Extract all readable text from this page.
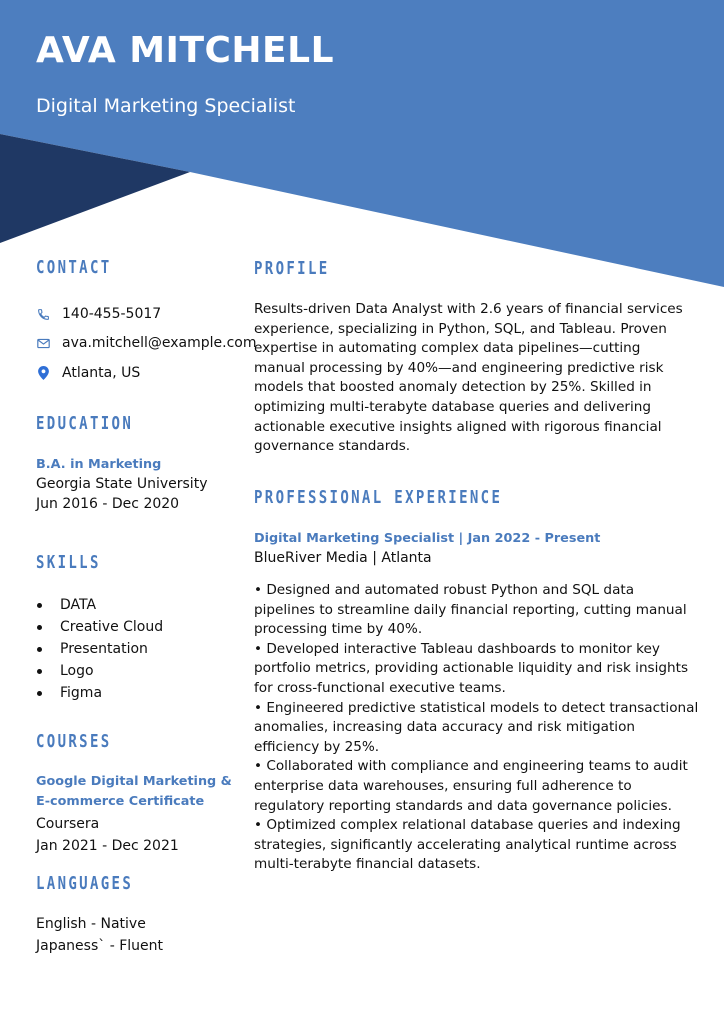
AVA MITCHELL
Digital Marketing Specialist
CONTACT
140-455-5017
ava.mitchell@example.com
Atlanta, US
EDUCATION
B.A. in Marketing
Georgia State University
Jun 2016 - Dec 2020
SKILLS
DATA
Creative Cloud
Presentation
Logo
Figma
COURSES
Google Digital Marketing &
E-commerce Certificate
Coursera
Jan 2021 - Dec 2021
LANGUAGES
English - Native
Japaness` - Fluent
PROFILE
Results-driven Data Analyst with 2.6 years of financial services experience, specializing in Python, SQL, and Tableau. Proven expertise in automating complex data pipelines—cutting manual processing by 40%—and engineering predictive risk models that boosted anomaly detection by 25%. Skilled in optimizing multi-terabyte database queries and delivering actionable executive insights aligned with rigorous financial governance standards.
PROFESSIONAL EXPERIENCE
Digital Marketing Specialist | Jan 2022 - Present
BlueRiver Media | Atlanta
• Designed and automated robust Python and SQL data pipelines to streamline daily financial reporting, cutting manual processing time by 40%.
• Developed interactive Tableau dashboards to monitor key portfolio metrics, providing actionable liquidity and risk insights for cross-functional executive teams.
• Engineered predictive statistical models to detect transactional anomalies, increasing data accuracy and risk mitigation efficiency by 25%.
• Collaborated with compliance and engineering teams to audit enterprise data warehouses, ensuring full adherence to regulatory reporting standards and data governance policies.
• Optimized complex relational database queries and indexing strategies, significantly accelerating analytical runtime across multi-terabyte financial datasets.
